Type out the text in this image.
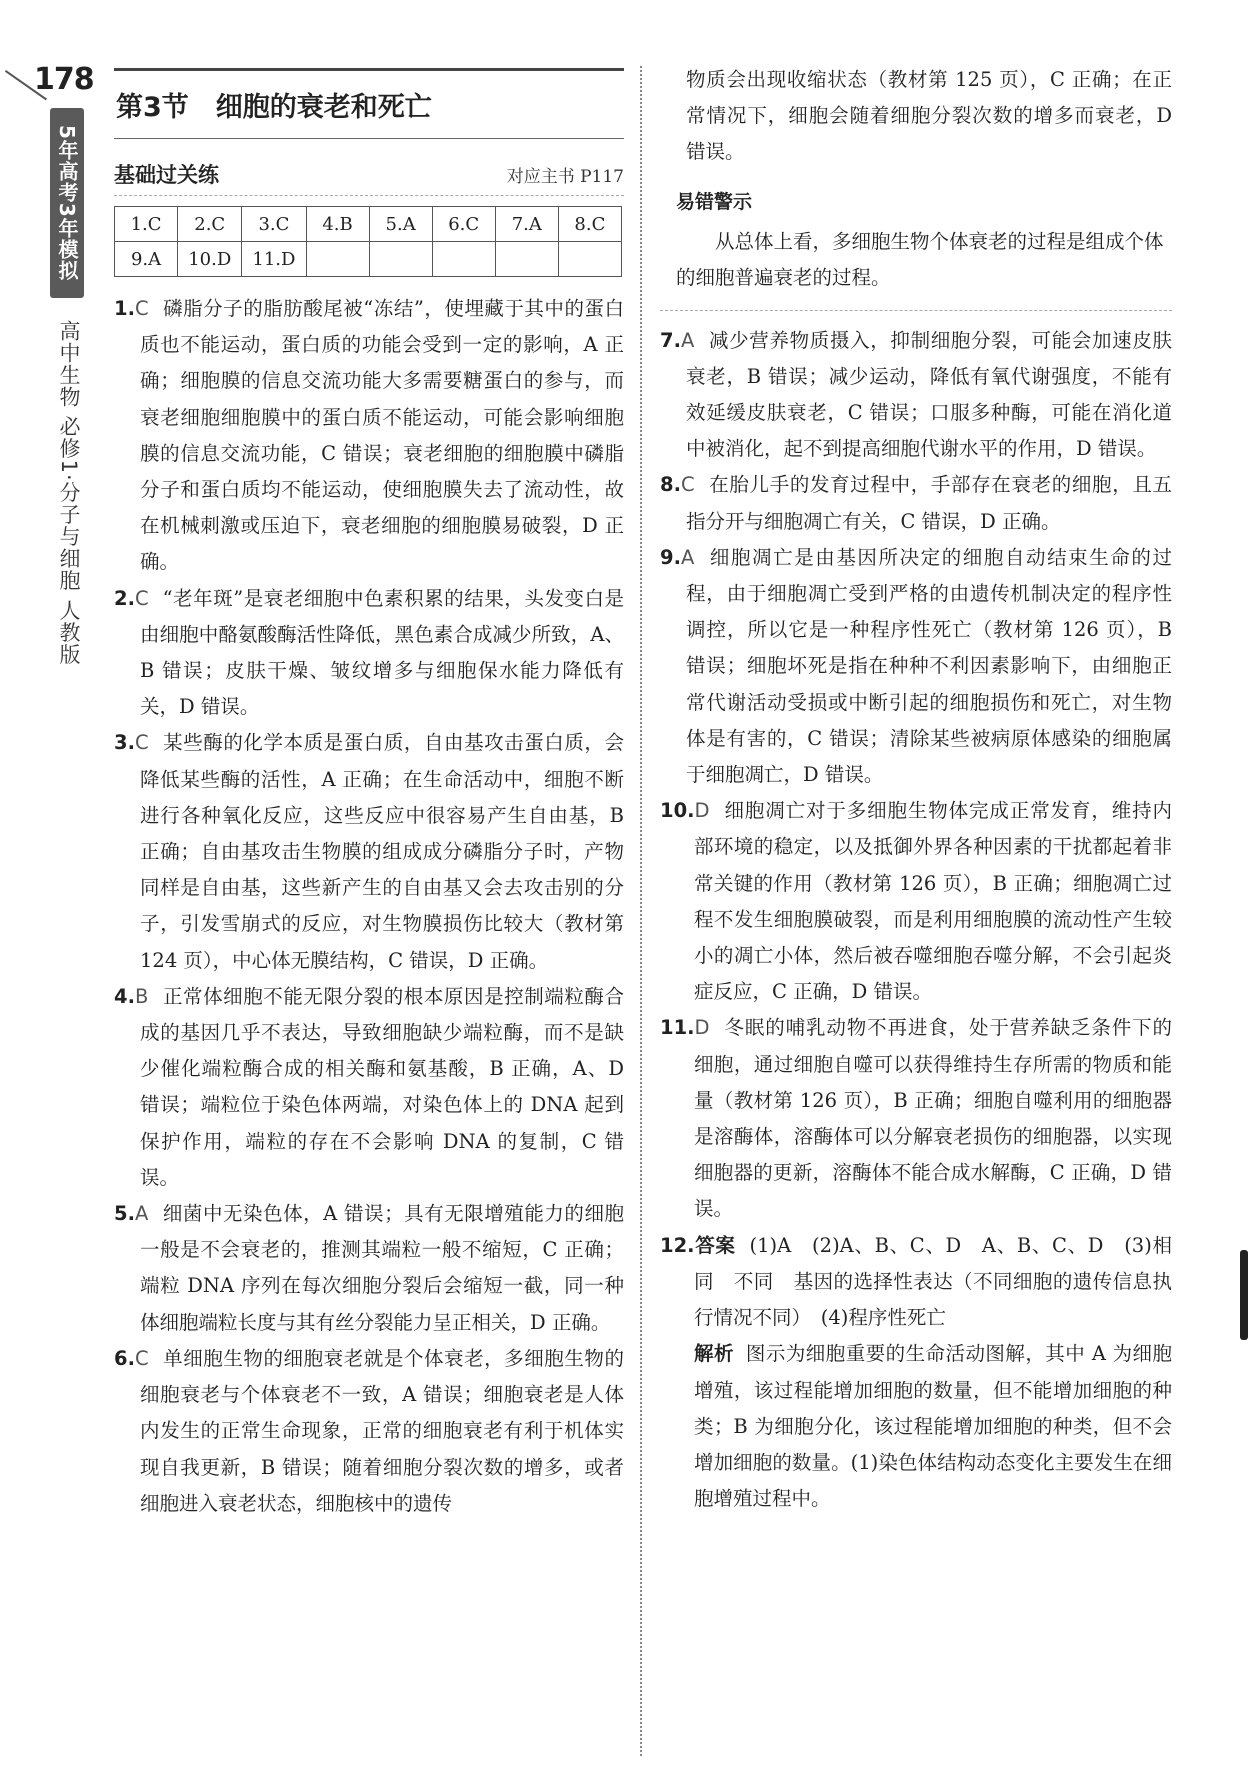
178
5年高考3年模拟
高中生物 必修1·分子与细胞 人教版
第3节　细胞的衰老和死亡
基础过关练	对应主书 P117
1.C	2.C	3.C	4.B	5.A	6.C	7.A	8.C
9.A	10.D	11.D					

1.C 磷脂分子的脂肪酸尾被“冻结”，使埋藏于其中的蛋白质也不能运动，蛋白质的功能会受到一定的影响，A 正确；细胞膜的信息交流功能大多需要糖蛋白的参与，而衰老细胞细胞膜中的蛋白质不能运动，可能会影响细胞膜的信息交流功能，C 错误；衰老细胞的细胞膜中磷脂分子和蛋白质均不能运动，使细胞膜失去了流动性，故在机械刺激或压迫下，衰老细胞的细胞膜易破裂，D 正确。

2.C “老年斑”是衰老细胞中色素积累的结果，头发变白是由细胞中酪氨酸酶活性降低，黑色素合成减少所致，A、B 错误；皮肤干燥、皱纹增多与细胞保水能力降低有关，D 错误。

3.C 某些酶的化学本质是蛋白质，自由基攻击蛋白质，会降低某些酶的活性，A 正确；在生命活动中，细胞不断进行各种氧化反应，这些反应中很容易产生自由基，B 正确；自由基攻击生物膜的组成成分磷脂分子时，产物同样是自由基，这些新产生的自由基又会去攻击别的分子，引发雪崩式的反应，对生物膜损伤比较大（教材第 124 页），中心体无膜结构，C 错误，D 正确。

4.B 正常体细胞不能无限分裂的根本原因是控制端粒酶合成的基因几乎不表达，导致细胞缺少端粒酶，而不是缺少催化端粒酶合成的相关酶和氨基酸，B 正确，A、D 错误；端粒位于染色体两端，对染色体上的 DNA 起到保护作用，端粒的存在不会影响 DNA 的复制，C 错误。

5.A 细菌中无染色体，A 错误；具有无限增殖能力的细胞一般是不会衰老的，推测其端粒一般不缩短，C 正确；端粒 DNA 序列在每次细胞分裂后会缩短一截，同一种体细胞端粒长度与其有丝分裂能力呈正相关，D 正确。

6.C 单细胞生物的细胞衰老就是个体衰老，多细胞生物的细胞衰老与个体衰老不一致，A 错误；细胞衰老是人体内发生的正常生命现象，正常的细胞衰老有利于机体实现自我更新，B 错误；随着细胞分裂次数的增多，或者细胞进入衰老状态，细胞核中的遗传

物质会出现收缩状态（教材第 125 页），C 正确；在正常情况下，细胞会随着细胞分裂次数的增多而衰老，D 错误。

易错警示
从总体上看，多细胞生物个体衰老的过程是组成个体的细胞普遍衰老的过程。

7.A 减少营养物质摄入，抑制细胞分裂，可能会加速皮肤衰老，B 错误；减少运动，降低有氧代谢强度，不能有效延缓皮肤衰老，C 错误；口服多种酶，可能在消化道中被消化，起不到提高细胞代谢水平的作用，D 错误。

8.C 在胎儿手的发育过程中，手部存在衰老的细胞，且五指分开与细胞凋亡有关，C 错误，D 正确。

9.A 细胞凋亡是由基因所决定的细胞自动结束生命的过程，由于细胞凋亡受到严格的由遗传机制决定的程序性调控，所以它是一种程序性死亡（教材第 126 页），B 错误；细胞坏死是指在种种不利因素影响下，由细胞正常代谢活动受损或中断引起的细胞损伤和死亡，对生物体是有害的，C 错误；清除某些被病原体感染的细胞属于细胞凋亡，D 错误。

10.D 细胞凋亡对于多细胞生物体完成正常发育，维持内部环境的稳定，以及抵御外界各种因素的干扰都起着非常关键的作用（教材第 126 页），B 正确；细胞凋亡过程不发生细胞膜破裂，而是利用细胞膜的流动性产生较小的凋亡小体，然后被吞噬细胞吞噬分解，不会引起炎症反应，C 正确，D 错误。

11.D 冬眠的哺乳动物不再进食，处于营养缺乏条件下的细胞，通过细胞自噬可以获得维持生存所需的物质和能量（教材第 126 页），B 正确；细胞自噬利用的细胞器是溶酶体，溶酶体可以分解衰老损伤的细胞器，以实现细胞器的更新，溶酶体不能合成水解酶，C 正确，D 错误。

12.答案 (1)A　(2)A、B、C、D　A、B、C、D　(3)相同　不同　基因的选择性表达（不同细胞的遗传信息执行情况不同）　(4)程序性死亡

解析 图示为细胞重要的生命活动图解，其中 A 为细胞增殖，该过程能增加细胞的数量，但不能增加细胞的种类；B 为细胞分化，该过程能增加细胞的种类，但不会增加细胞的数量。(1)染色体结构动态变化主要发生在细胞增殖过程中。
